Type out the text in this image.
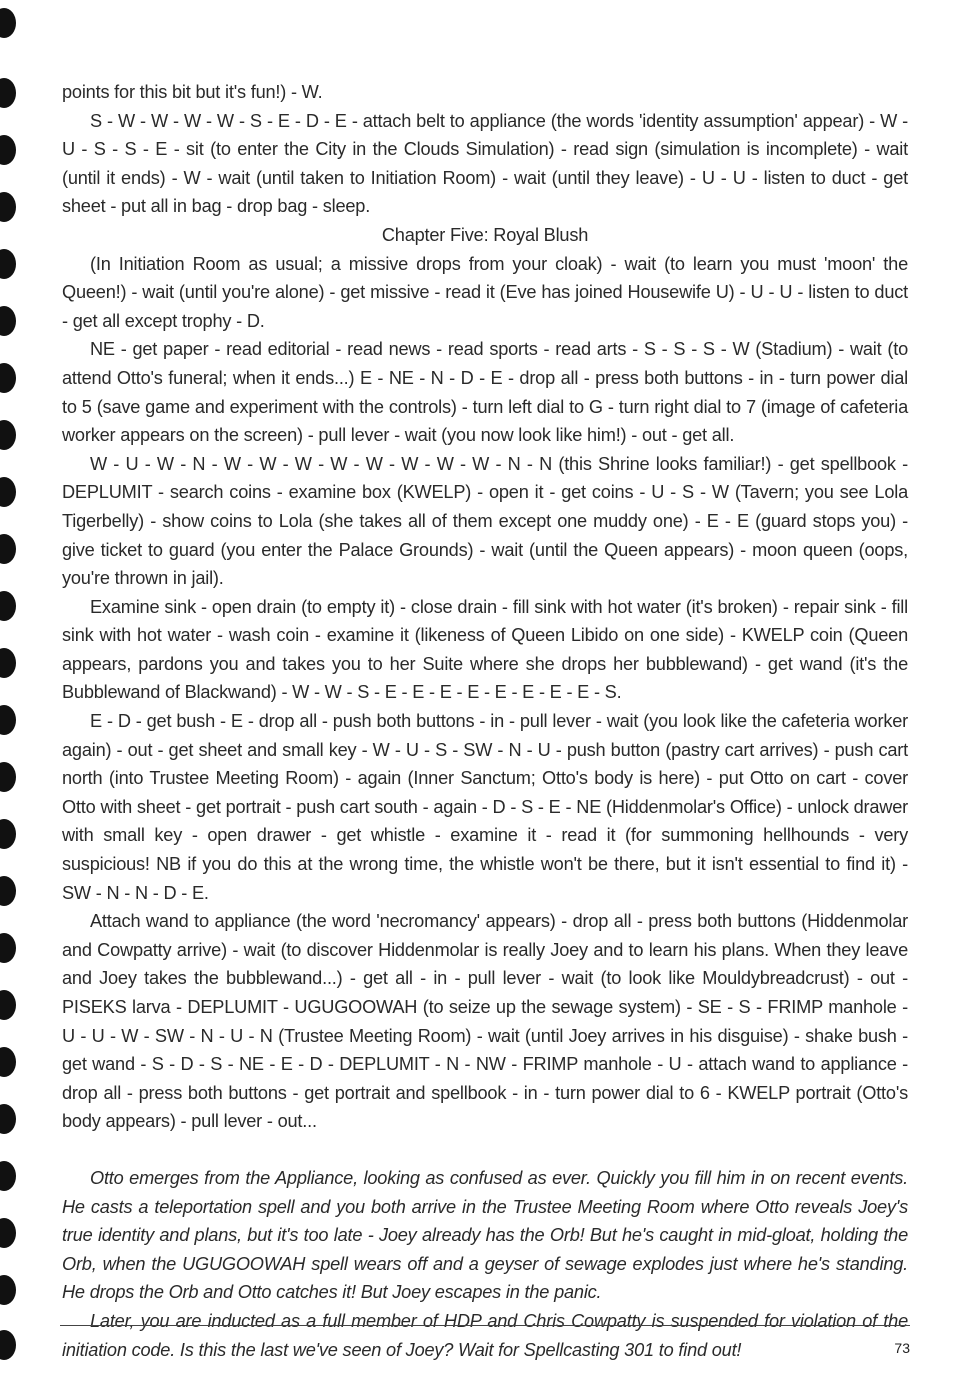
points for this bit but it's fun!) - W.

S - W - W - W - W - S - E - D - E - attach belt to appliance (the words 'identity assumption' appear) - W - U - S - S - E - sit (to enter the City in the Clouds Simulation) - read sign (simulation is incomplete) - wait (until it ends) - W - wait (until taken to Initiation Room) - wait (until they leave) - U - U - listen to duct - get sheet - put all in bag - drop bag - sleep.

Chapter Five: Royal Blush

(In Initiation Room as usual; a missive drops from your cloak) - wait (to learn you must 'moon' the Queen!) - wait (until you're alone) - get missive - read it (Eve has joined Housewife U) - U - U - listen to duct - get all except trophy - D.

NE - get paper - read editorial - read news - read sports - read arts - S - S - S - W (Stadium) - wait (to attend Otto's funeral; when it ends...) E - NE - N - D - E - drop all - press both buttons - in - turn power dial to 5 (save game and experiment with the controls) - turn left dial to G - turn right dial to 7 (image of cafeteria worker appears on the screen) - pull lever - wait (you now look like him!) - out - get all.

W - U - W - N - W - W - W - W - W - W - W - W - N - N (this Shrine looks familiar!) - get spellbook - DEPLUMIT - search coins - examine box (KWELP) - open it - get coins - U - S - W (Tavern; you see Lola Tigerbelly) - show coins to Lola (she takes all of them except one muddy one) - E - E (guard stops you) - give ticket to guard (you enter the Palace Grounds) - wait (until the Queen appears) - moon queen (oops, you're thrown in jail).

Examine sink - open drain (to empty it) - close drain - fill sink with hot water (it's broken) - repair sink - fill sink with hot water - wash coin - examine it (likeness of Queen Libido on one side) - KWELP coin (Queen appears, pardons you and takes you to her Suite where she drops her bubblewand) - get wand (it's the Bubblewand of Blackwand) - W - W - S - E - E - E - E - E - E - E - E - S.

E - D - get bush - E - drop all - push both buttons - in - pull lever - wait (you look like the cafeteria worker again) - out - get sheet and small key - W - U - S - SW - N - U - push button (pastry cart arrives) - push cart north (into Trustee Meeting Room) - again (Inner Sanctum; Otto's body is here) - put Otto on cart - cover Otto with sheet - get portrait - push cart south - again - D - S - E - NE (Hiddenmolar's Office) - unlock drawer with small key - open drawer - get whistle - examine it - read it (for summoning hellhounds - very suspicious! NB if you do this at the wrong time, the whistle won't be there, but it isn't essential to find it) - SW - N - N - D - E.

Attach wand to appliance (the word 'necromancy' appears) - drop all - press both buttons (Hiddenmolar and Cowpatty arrive) - wait (to discover Hiddenmolar is really Joey and to learn his plans. When they leave and Joey takes the bubblewand...) - get all - in - pull lever - wait (to look like Mouldybreadcrust) - out - PISEKS larva - DEPLUMIT - UGUGOOWAH (to seize up the sewage system) - SE - S - FRIMP manhole - U - U - W - SW - N - U - N (Trustee Meeting Room) - wait (until Joey arrives in his disguise) - shake bush - get wand - S - D - S - NE - E - D - DEPLUMIT - N - NW - FRIMP manhole - U - attach wand to appliance - drop all - press both buttons - get portrait and spellbook - in - turn power dial to 6 - KWELP portrait (Otto's body appears) - pull lever - out...

Otto emerges from the Appliance, looking as confused as ever. Quickly you fill him in on recent events. He casts a teleportation spell and you both arrive in the Trustee Meeting Room where Otto reveals Joey's true identity and plans, but it's too late - Joey already has the Orb! But he's caught in mid-gloat, holding the Orb, when the UGUGOOWAH spell wears off and a geyser of sewage explodes just where he's standing. He drops the Orb and Otto catches it! But Joey escapes in the panic.

Later, you are inducted as a full member of HDP and Chris Cowpatty is suspended for violation of the initiation code. Is this the last we've seen of Joey? Wait for Spellcasting 301 to find out!	73
